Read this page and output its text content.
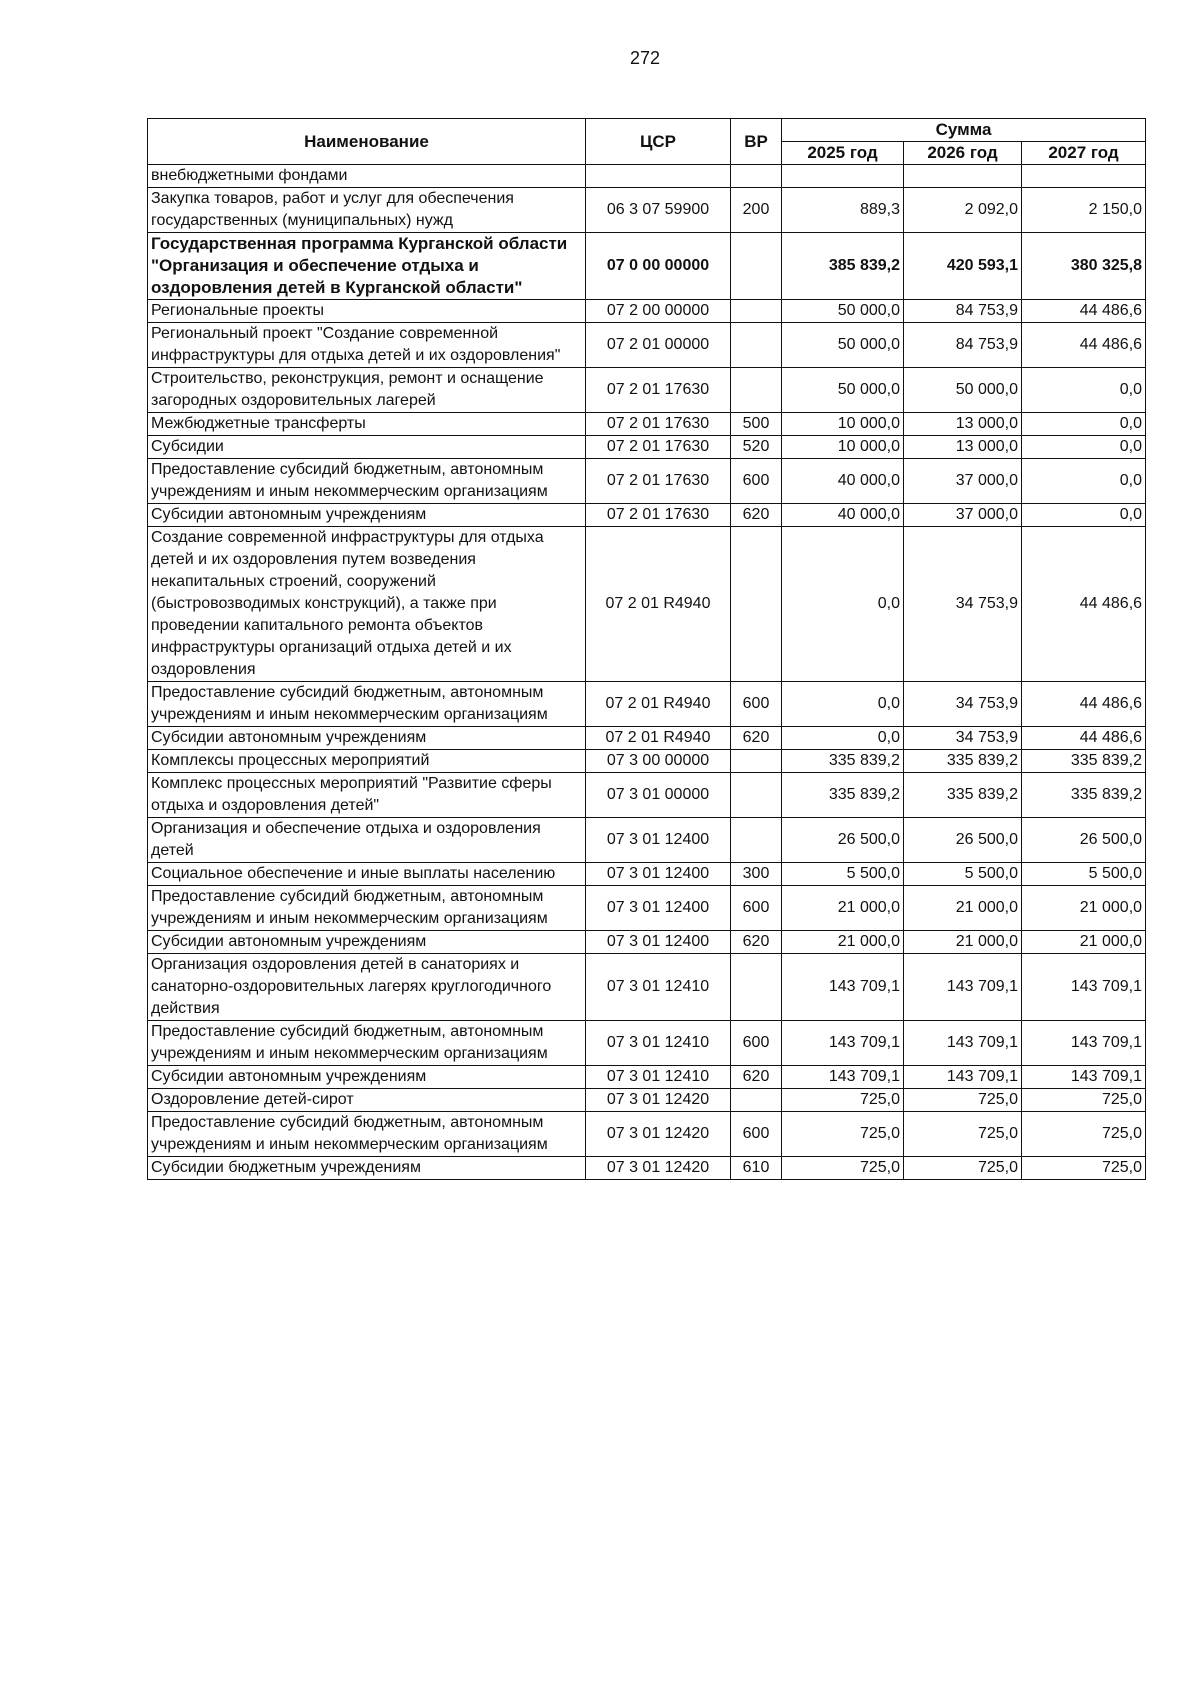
272
Наименование	ЦСР	ВР	Сумма		
			2025 год	2026 год	2027 год
внебюджетными фондами					
Закупка товаров, работ и услуг для обеспечения государственных (муниципальных) нужд	06 3 07 59900	200	889,3	2 092,0	2 150,0
Государственная программа Курганской области "Организация и обеспечение отдыха и оздоровления детей в Курганской области"	07 0 00 00000		385 839,2	420 593,1	380 325,8
Региональные проекты	07 2 00 00000		50 000,0	84 753,9	44 486,6
Региональный проект "Создание современной инфраструктуры для отдыха детей и их оздоровления"	07 2 01 00000		50 000,0	84 753,9	44 486,6
Строительство, реконструкция, ремонт и оснащение загородных оздоровительных лагерей	07 2 01 17630		50 000,0	50 000,0	0,0
Межбюджетные трансферты	07 2 01 17630	500	10 000,0	13 000,0	0,0
Субсидии	07 2 01 17630	520	10 000,0	13 000,0	0,0
Предоставление субсидий бюджетным, автономным учреждениям и иным некоммерческим организациям	07 2 01 17630	600	40 000,0	37 000,0	0,0
Субсидии автономным учреждениям	07 2 01 17630	620	40 000,0	37 000,0	0,0
Создание современной инфраструктуры для отдыха детей и их оздоровления путем возведения некапитальных строений, сооружений (быстровозводимых конструкций), а также при проведении капитального ремонта объектов инфраструктуры организаций отдыха детей и их оздоровления	07 2 01 R4940		0,0	34 753,9	44 486,6
Предоставление субсидий бюджетным, автономным учреждениям и иным некоммерческим организациям	07 2 01 R4940	600	0,0	34 753,9	44 486,6
Субсидии автономным учреждениям	07 2 01 R4940	620	0,0	34 753,9	44 486,6
Комплексы процессных мероприятий	07 3 00 00000		335 839,2	335 839,2	335 839,2
Комплекс процессных мероприятий "Развитие сферы отдыха и оздоровления детей"	07 3 01 00000		335 839,2	335 839,2	335 839,2
Организация и обеспечение отдыха и оздоровления детей	07 3 01 12400		26 500,0	26 500,0	26 500,0
Социальное обеспечение и иные выплаты населению	07 3 01 12400	300	5 500,0	5 500,0	5 500,0
Предоставление субсидий бюджетным, автономным учреждениям и иным некоммерческим организациям	07 3 01 12400	600	21 000,0	21 000,0	21 000,0
Субсидии автономным учреждениям	07 3 01 12400	620	21 000,0	21 000,0	21 000,0
Организация оздоровления детей в санаториях и санаторно-оздоровительных лагерях круглогодичного действия	07 3 01 12410		143 709,1	143 709,1	143 709,1
Предоставление субсидий бюджетным, автономным учреждениям и иным некоммерческим организациям	07 3 01 12410	600	143 709,1	143 709,1	143 709,1
Субсидии автономным учреждениям	07 3 01 12410	620	143 709,1	143 709,1	143 709,1
Оздоровление детей-сирот	07 3 01 12420		725,0	725,0	725,0
Предоставление субсидий бюджетным, автономным учреждениям и иным некоммерческим организациям	07 3 01 12420	600	725,0	725,0	725,0
Субсидии бюджетным учреждениям	07 3 01 12420	610	725,0	725,0	725,0
